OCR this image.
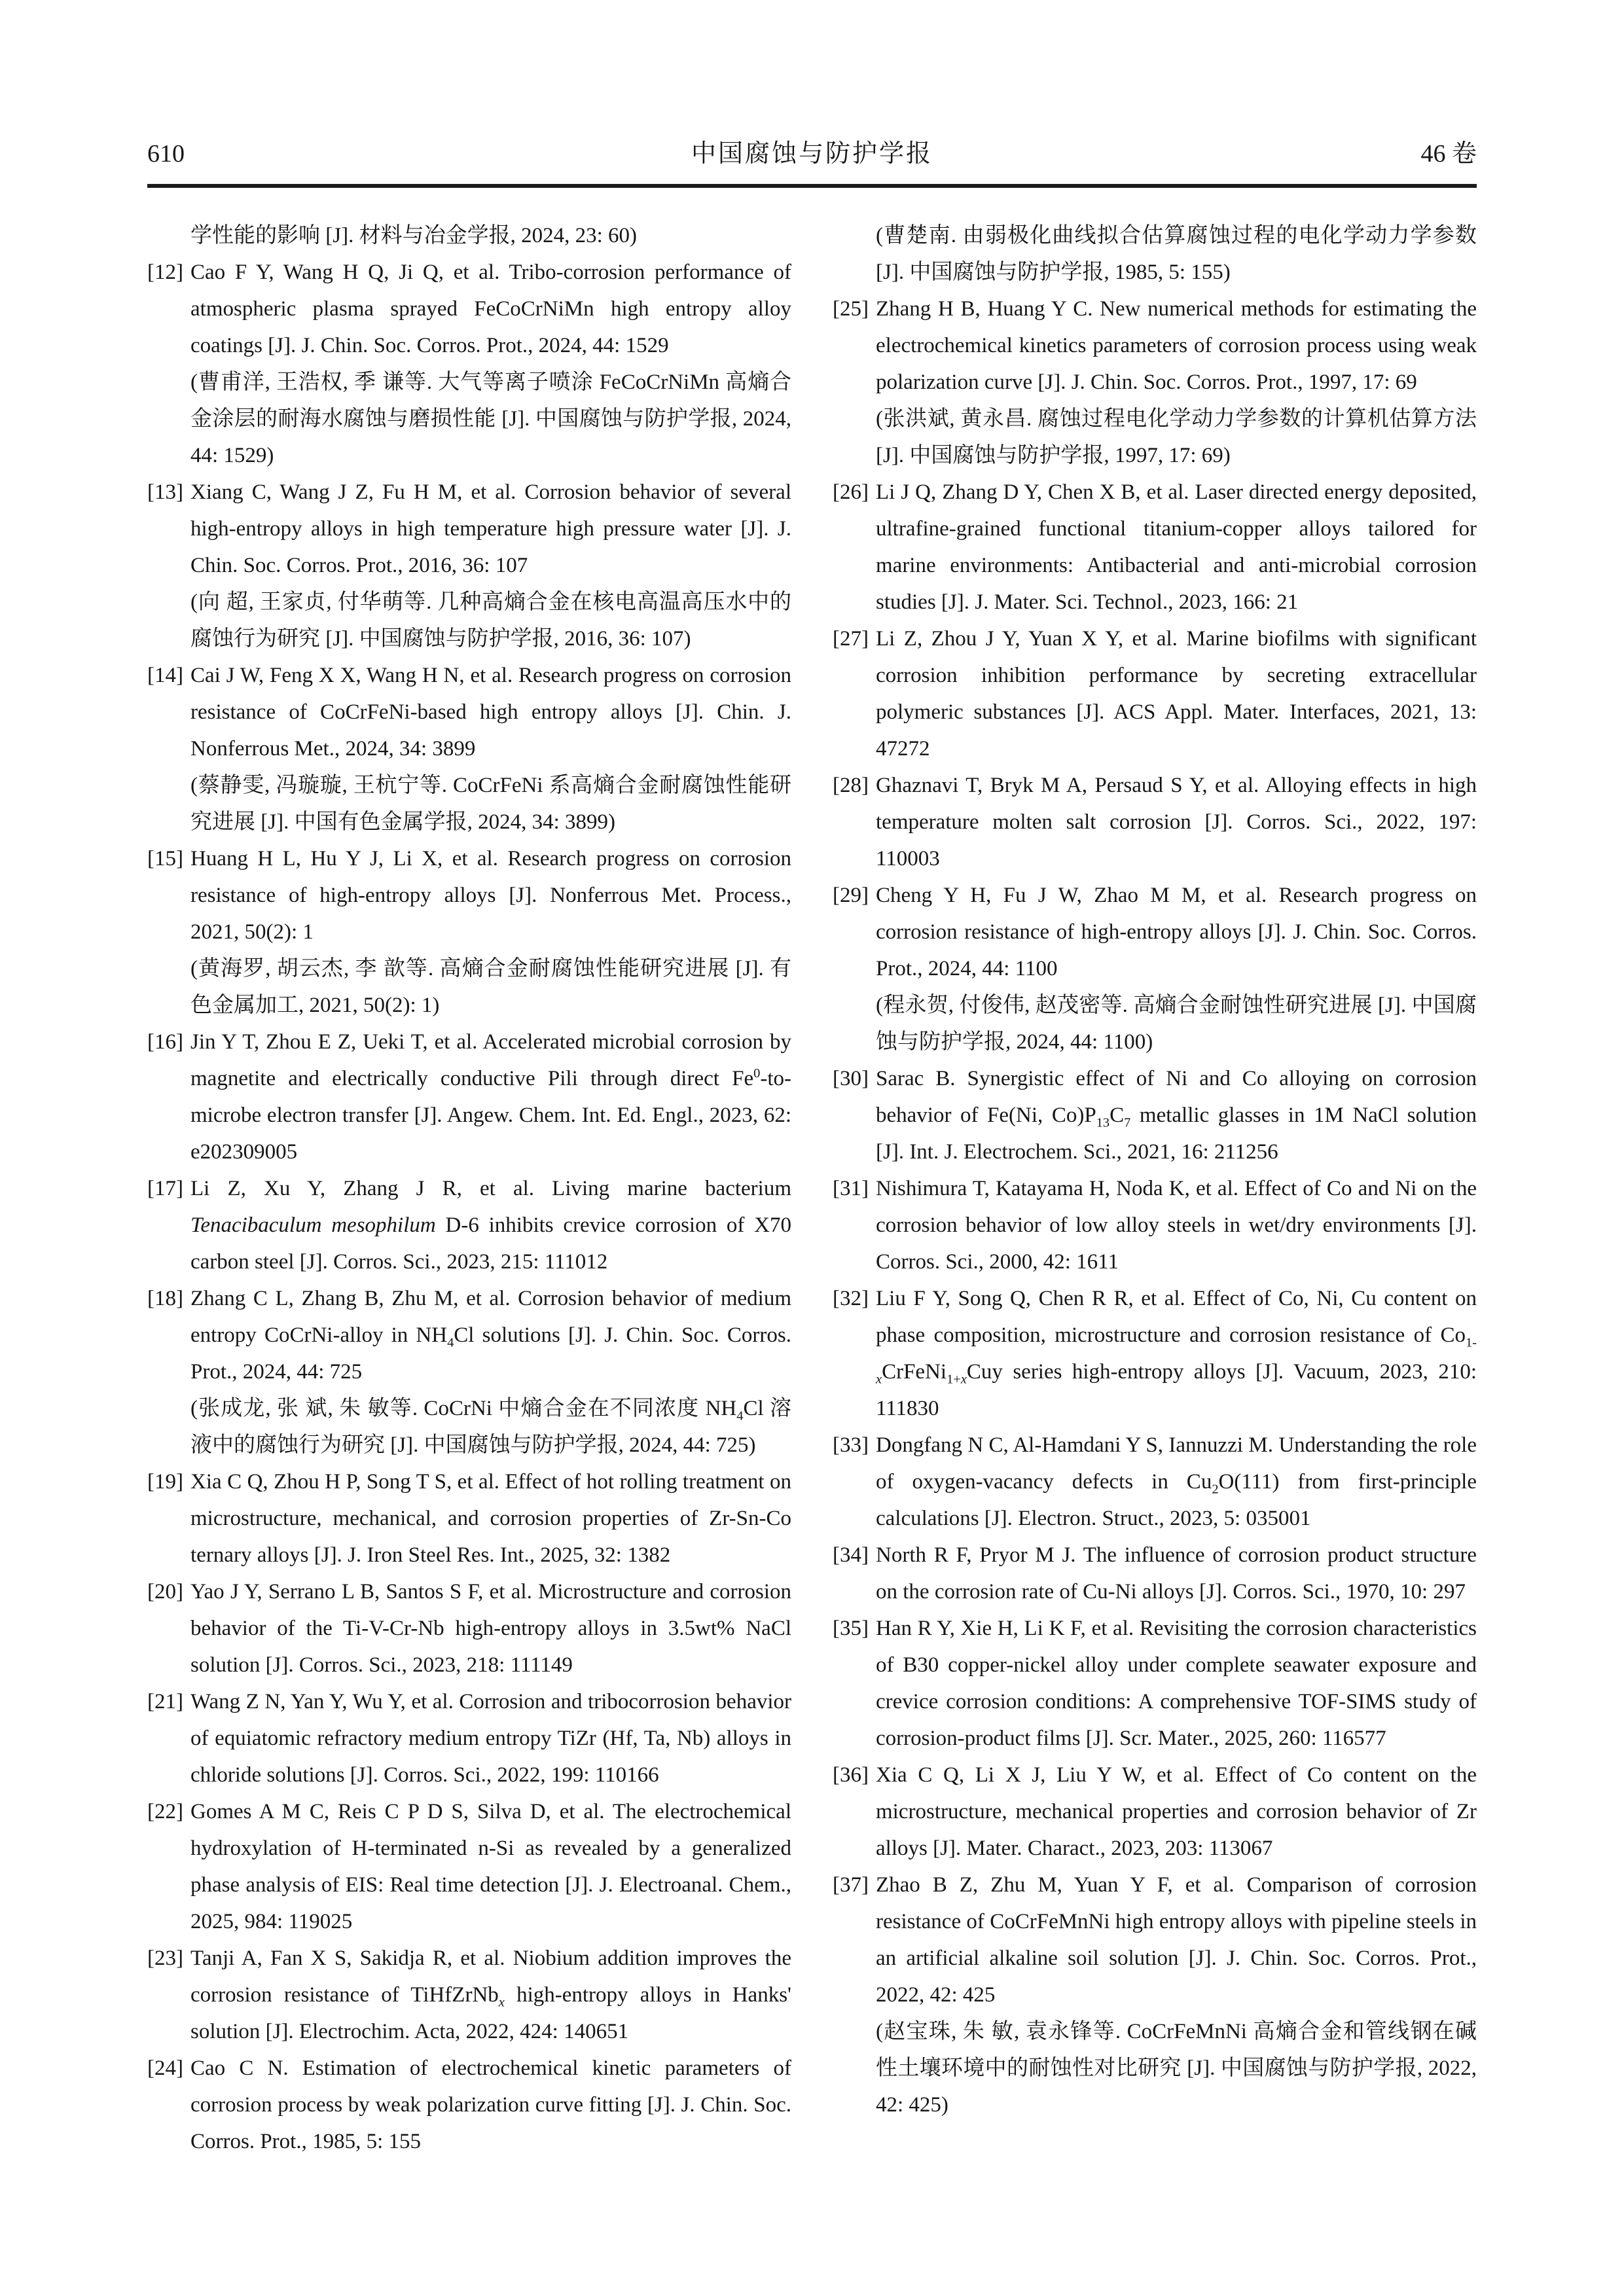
610	中国腐蚀与防护学报	46 卷

学性能的影响 [J]. 材料与冶金学报, 2024, 23: 60)

[12] Cao F Y, Wang H Q, Ji Q, et al. Tribo-corrosion performance of atmospheric plasma sprayed FeCoCrNiMn high entropy alloy coatings [J]. J. Chin. Soc. Corros. Prot., 2024, 44: 1529

(曹甫洋, 王浩权, 季 谦等. 大气等离子喷涂 FeCoCrNiMn 高熵合金涂层的耐海水腐蚀与磨损性能 [J]. 中国腐蚀与防护学报, 2024, 44: 1529)

[13] Xiang C, Wang J Z, Fu H M, et al. Corrosion behavior of several high-entropy alloys in high temperature high pressure water [J]. J. Chin. Soc. Corros. Prot., 2016, 36: 107

(向 超, 王家贞, 付华萌等. 几种高熵合金在核电高温高压水中的腐蚀行为研究 [J]. 中国腐蚀与防护学报, 2016, 36: 107)

[14] Cai J W, Feng X X, Wang H N, et al. Research progress on corrosion resistance of CoCrFeNi-based high entropy alloys [J]. Chin. J. Nonferrous Met., 2024, 34: 3899

(蔡静雯, 冯璇璇, 王杭宁等. CoCrFeNi 系高熵合金耐腐蚀性能研究进展 [J]. 中国有色金属学报, 2024, 34: 3899)

[15] Huang H L, Hu Y J, Li X, et al. Research progress on corrosion resistance of high-entropy alloys [J]. Nonferrous Met. Process., 2021, 50(2): 1

(黄海罗, 胡云杰, 李 歆等. 高熵合金耐腐蚀性能研究进展 [J]. 有色金属加工, 2021, 50(2): 1)

[16] Jin Y T, Zhou E Z, Ueki T, et al. Accelerated microbial corrosion by magnetite and electrically conductive Pili through direct Fe$^0$-to-microbe electron transfer [J]. Angew. Chem. Int. Ed. Engl., 2023, 62: e202309005

[17] Li Z, Xu Y, Zhang J R, et al. Living marine bacterium Tenacibaculum mesophilum D-6 inhibits crevice corrosion of X70 carbon steel [J]. Corros. Sci., 2023, 215: 111012

[18] Zhang C L, Zhang B, Zhu M, et al. Corrosion behavior of medium entropy CoCrNi-alloy in $NH_4Cl$ solutions [J]. J. Chin. Soc. Corros. Prot., 2024, 44: 725

(张成龙, 张 斌, 朱 敏等. CoCrNi 中熵合金在不同浓度 $NH_4Cl$ 溶液中的腐蚀行为研究 [J]. 中国腐蚀与防护学报, 2024, 44: 725)

[19] Xia C Q, Zhou H P, Song T S, et al. Effect of hot rolling treatment on microstructure, mechanical, and corrosion properties of Zr-Sn-Co ternary alloys [J]. J. Iron Steel Res. Int., 2025, 32: 1382

[20] Yao J Y, Serrano L B, Santos S F, et al. Microstructure and corrosion behavior of the Ti-V-Cr-Nb high-entropy alloys in 3.5wt% NaCl solution [J]. Corros. Sci., 2023, 218: 111149

[21] Wang Z N, Yan Y, Wu Y, et al. Corrosion and tribocorrosion behavior of equiatomic refractory medium entropy TiZr (Hf, Ta, Nb) alloys in chloride solutions [J]. Corros. Sci., 2022, 199: 110166

[22] Gomes A M C, Reis C P D S, Silva D, et al. The electrochemical hydroxylation of H-terminated n-Si as revealed by a generalized phase analysis of EIS: Real time detection [J]. J. Electroanal. Chem., 2025, 984: 119025

[23] Tanji A, Fan X S, Sakidja R, et al. Niobium addition improves the corrosion resistance of TiHfZrNb$_x$ high-entropy alloys in Hanks' solution [J]. Electrochim. Acta, 2022, 424: 140651

[24] Cao C N. Estimation of electrochemical kinetic parameters of corrosion process by weak polarization curve fitting [J]. J. Chin. Soc. Corros. Prot., 1985, 5: 155

(曹楚南. 由弱极化曲线拟合估算腐蚀过程的电化学动力学参数 [J]. 中国腐蚀与防护学报, 1985, 5: 155)

[25] Zhang H B, Huang Y C. New numerical methods for estimating the electrochemical kinetics parameters of corrosion process using weak polarization curve [J]. J. Chin. Soc. Corros. Prot., 1997, 17: 69

(张洪斌, 黄永昌. 腐蚀过程电化学动力学参数的计算机估算方法 [J]. 中国腐蚀与防护学报, 1997, 17: 69)

[26] Li J Q, Zhang D Y, Chen X B, et al. Laser directed energy deposited, ultrafine-grained functional titanium-copper alloys tailored for marine environments: Antibacterial and anti-microbial corrosion studies [J]. J. Mater. Sci. Technol., 2023, 166: 21

[27] Li Z, Zhou J Y, Yuan X Y, et al. Marine biofilms with significant corrosion inhibition performance by secreting extracellular polymeric substances [J]. ACS Appl. Mater. Interfaces, 2021, 13: 47272

[28] Ghaznavi T, Bryk M A, Persaud S Y, et al. Alloying effects in high temperature molten salt corrosion [J]. Corros. Sci., 2022, 197: 110003

[29] Cheng Y H, Fu J W, Zhao M M, et al. Research progress on corrosion resistance of high-entropy alloys [J]. J. Chin. Soc. Corros. Prot., 2024, 44: 1100

(程永贺, 付俊伟, 赵茂密等. 高熵合金耐蚀性研究进展 [J]. 中国腐蚀与防护学报, 2024, 44: 1100)

[30] Sarac B. Synergistic effect of Ni and Co alloying on corrosion behavior of Fe(Ni, $Co)P_{13}C_7$ metallic glasses in 1M NaCl solution [J]. Int. J. Electrochem. Sci., 2021, 16: 211256

[31] Nishimura T, Katayama H, Noda K, et al. Effect of Co and Ni on the corrosion behavior of low alloy steels in wet/dry environments [J]. Corros. Sci., 2000, 42: 1611

[32] Liu F Y, Song Q, Chen R R, et al. Effect of Co, Ni, Cu content on phase composition, microstructure and corrosion resistance of $Co_{1-x}CrFeNi_{1+x}Cuy$ series high-entropy alloys [J]. Vacuum, 2023, 210: 111830

[33] Dongfang N C, Al-Hamdani Y S, Iannuzzi M. Understanding the role of oxygen-vacancy defects in $Cu_2O(111)$ from first-principle calculations [J]. Electron. Struct., 2023, 5: 035001

[34] North R F, Pryor M J. The influence of corrosion product structure on the corrosion rate of Cu-Ni alloys [J]. Corros. Sci., 1970, 10: 297

[35] Han R Y, Xie H, Li K F, et al. Revisiting the corrosion characteristics of B30 copper-nickel alloy under complete seawater exposure and crevice corrosion conditions: A comprehensive TOF-SIMS study of corrosion-product films [J]. Scr. Mater., 2025, 260: 116577

[36] Xia C Q, Li X J, Liu Y W, et al. Effect of Co content on the microstructure, mechanical properties and corrosion behavior of Zr alloys [J]. Mater. Charact., 2023, 203: 113067

[37] Zhao B Z, Zhu M, Yuan Y F, et al. Comparison of corrosion resistance of CoCrFeMnNi high entropy alloys with pipeline steels in an artificial alkaline soil solution [J]. J. Chin. Soc. Corros. Prot., 2022, 42: 425

(赵宝珠, 朱 敏, 袁永锋等. CoCrFeMnNi 高熵合金和管线钢在碱性土壤环境中的耐蚀性对比研究 [J]. 中国腐蚀与防护学报, 2022, 42: 425)
